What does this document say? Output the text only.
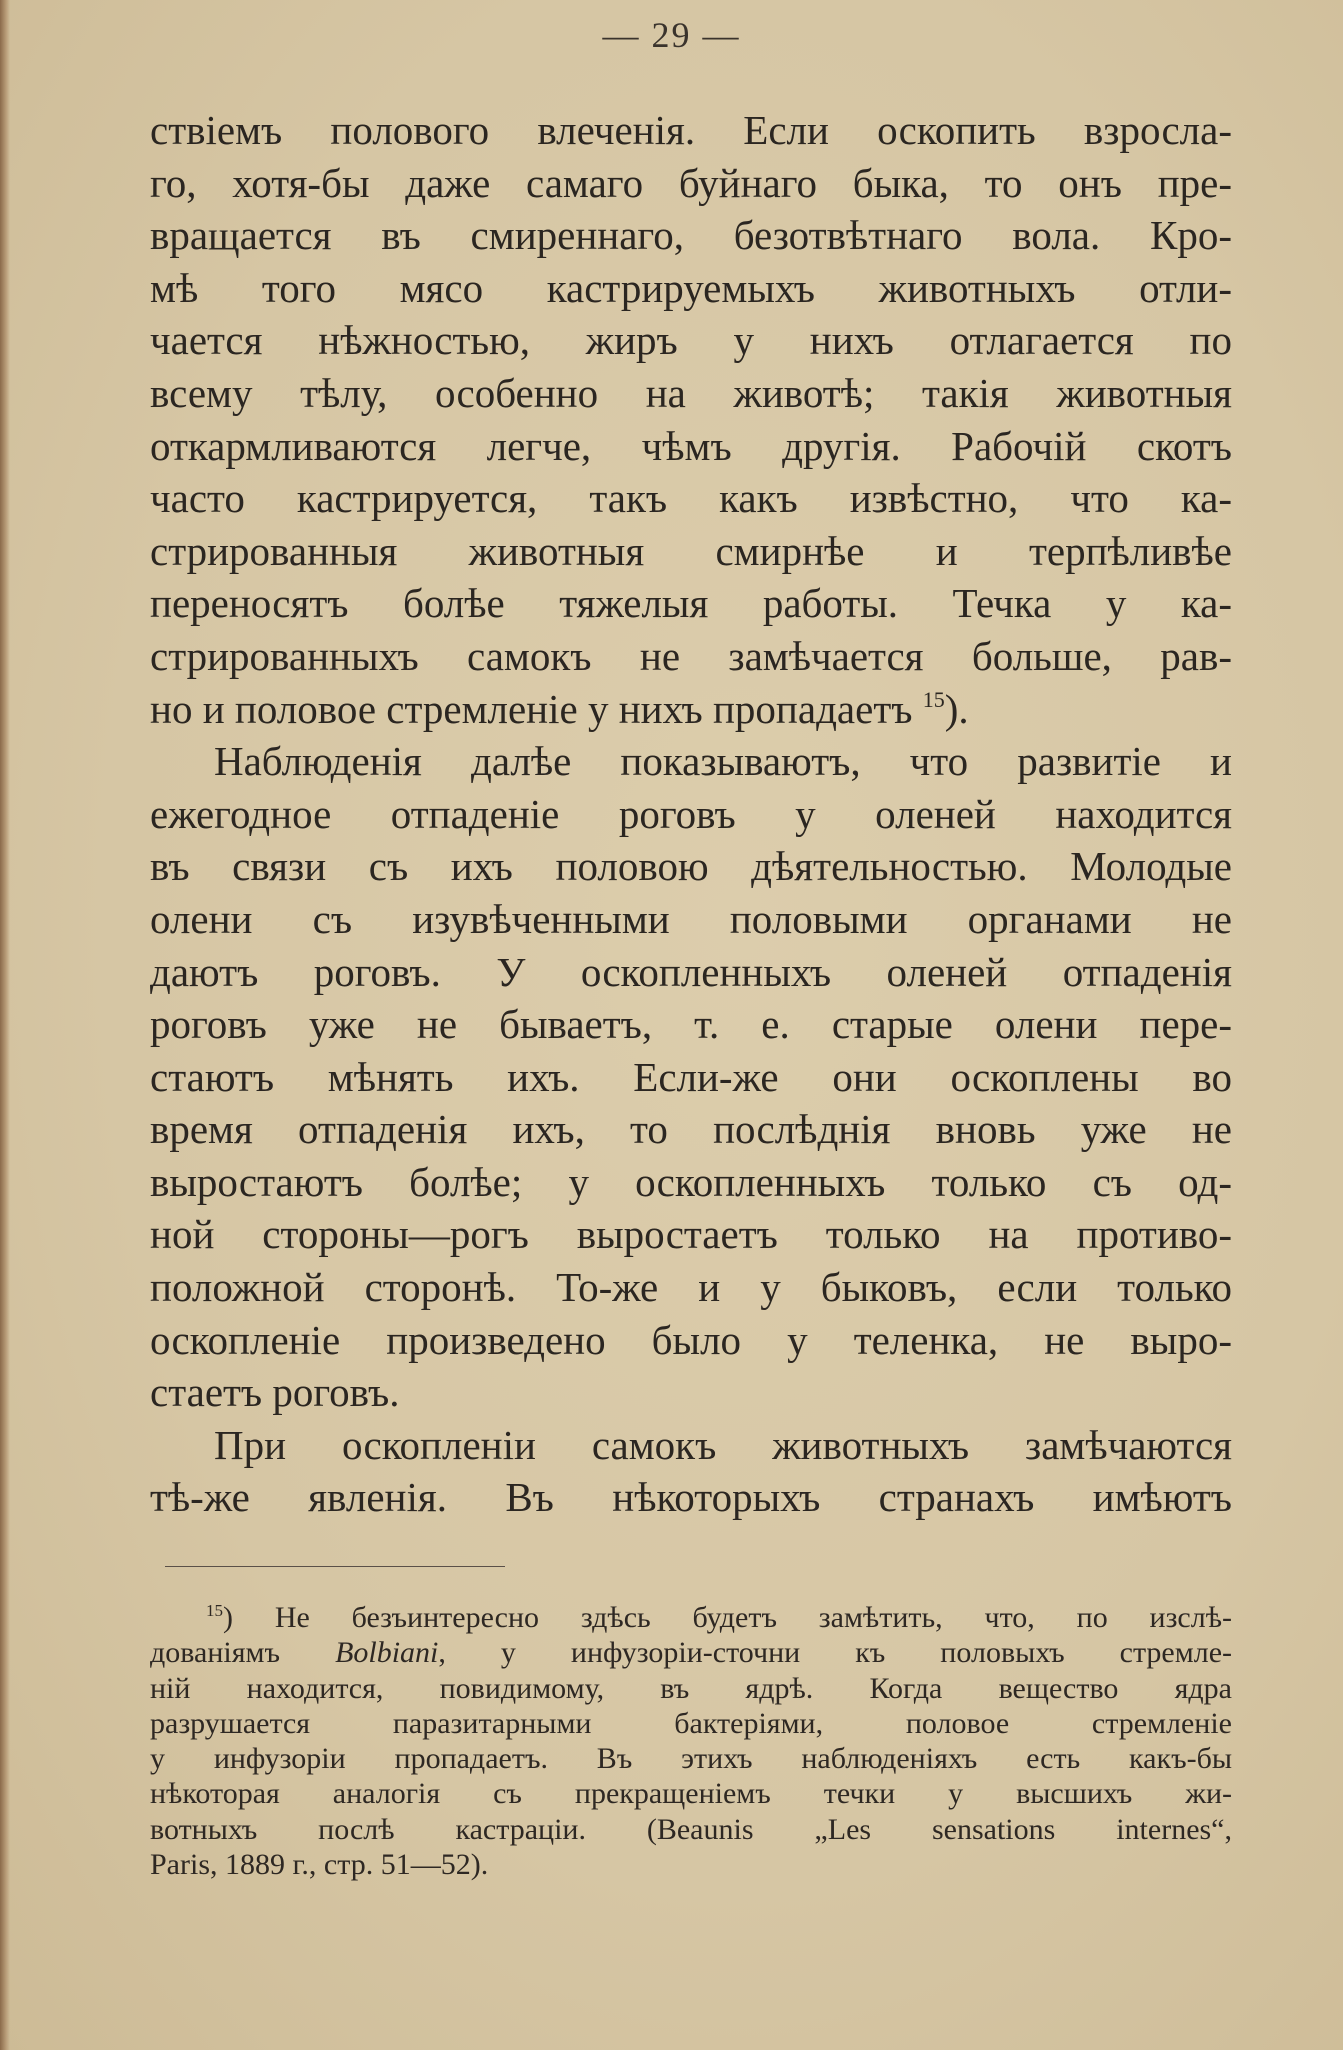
— 29 —
ствіемъ полового влеченія. Если оскопить взросла-
го, хотя-бы даже самаго буйнаго быка, то онъ пре-
вращается въ смиреннаго, безотвѣтнаго вола. Кро-
мѣ того мясо кастрируемыхъ животныхъ отли-
чается нѣжностью, жиръ у нихъ отлагается по
всему тѣлу, особенно на животѣ; такія животныя
откармливаются легче, чѣмъ другія. Рабочій скотъ
часто кастрируется, такъ какъ извѣстно, что ка-
стрированныя животныя смирнѣе и терпѣливѣе
переносятъ болѣе тяжелыя работы. Течка у ка-
стрированныхъ самокъ не замѣчается больше, рав-
но и половое стремленіе у нихъ пропадаетъ $^{15}$).
Наблюденія далѣе показываютъ, что развитіе и
ежегодное отпаденіе роговъ у оленей находится
въ связи съ ихъ половою дѣятельностью. Молодые
олени съ изувѣченными половыми органами не
даютъ роговъ. У оскопленныхъ оленей отпаденія
роговъ уже не бываетъ, т. е. старые олени пере-
стаютъ мѣнять ихъ. Если-же они оскоплены во
время отпаденія ихъ, то послѣднія вновь уже не
выростаютъ болѣе; у оскопленныхъ только съ од-
ной стороны—рогъ выростаетъ только на противо-
положной сторонѣ. То-же и у быковъ, если только
оскопленіе произведено было у теленка, не выро-
стаетъ роговъ.
При оскопленіи самокъ животныхъ замѣчаются
тѣ-же явленія. Въ нѣкоторыхъ странахъ имѣютъ
$^{15}$) Не безъинтересно здѣсь будетъ замѣтить, что, по изслѣ-
дованіямъ Bolbiani, у инфузоріи-сточни къ половыхъ стремле-
ній находится, повидимому, въ ядрѣ. Когда вещество ядра
разрушается паразитарными бактеріями, половое стремленіе
у инфузоріи пропадаетъ. Въ этихъ наблюденіяхъ есть какъ-бы
нѣкоторая аналогія съ прекращеніемъ течки у высшихъ жи-
вотныхъ послѣ кастраціи. (Beaunis „Les sensations internes“,
Paris, 1889 г., стр. 51—52).
